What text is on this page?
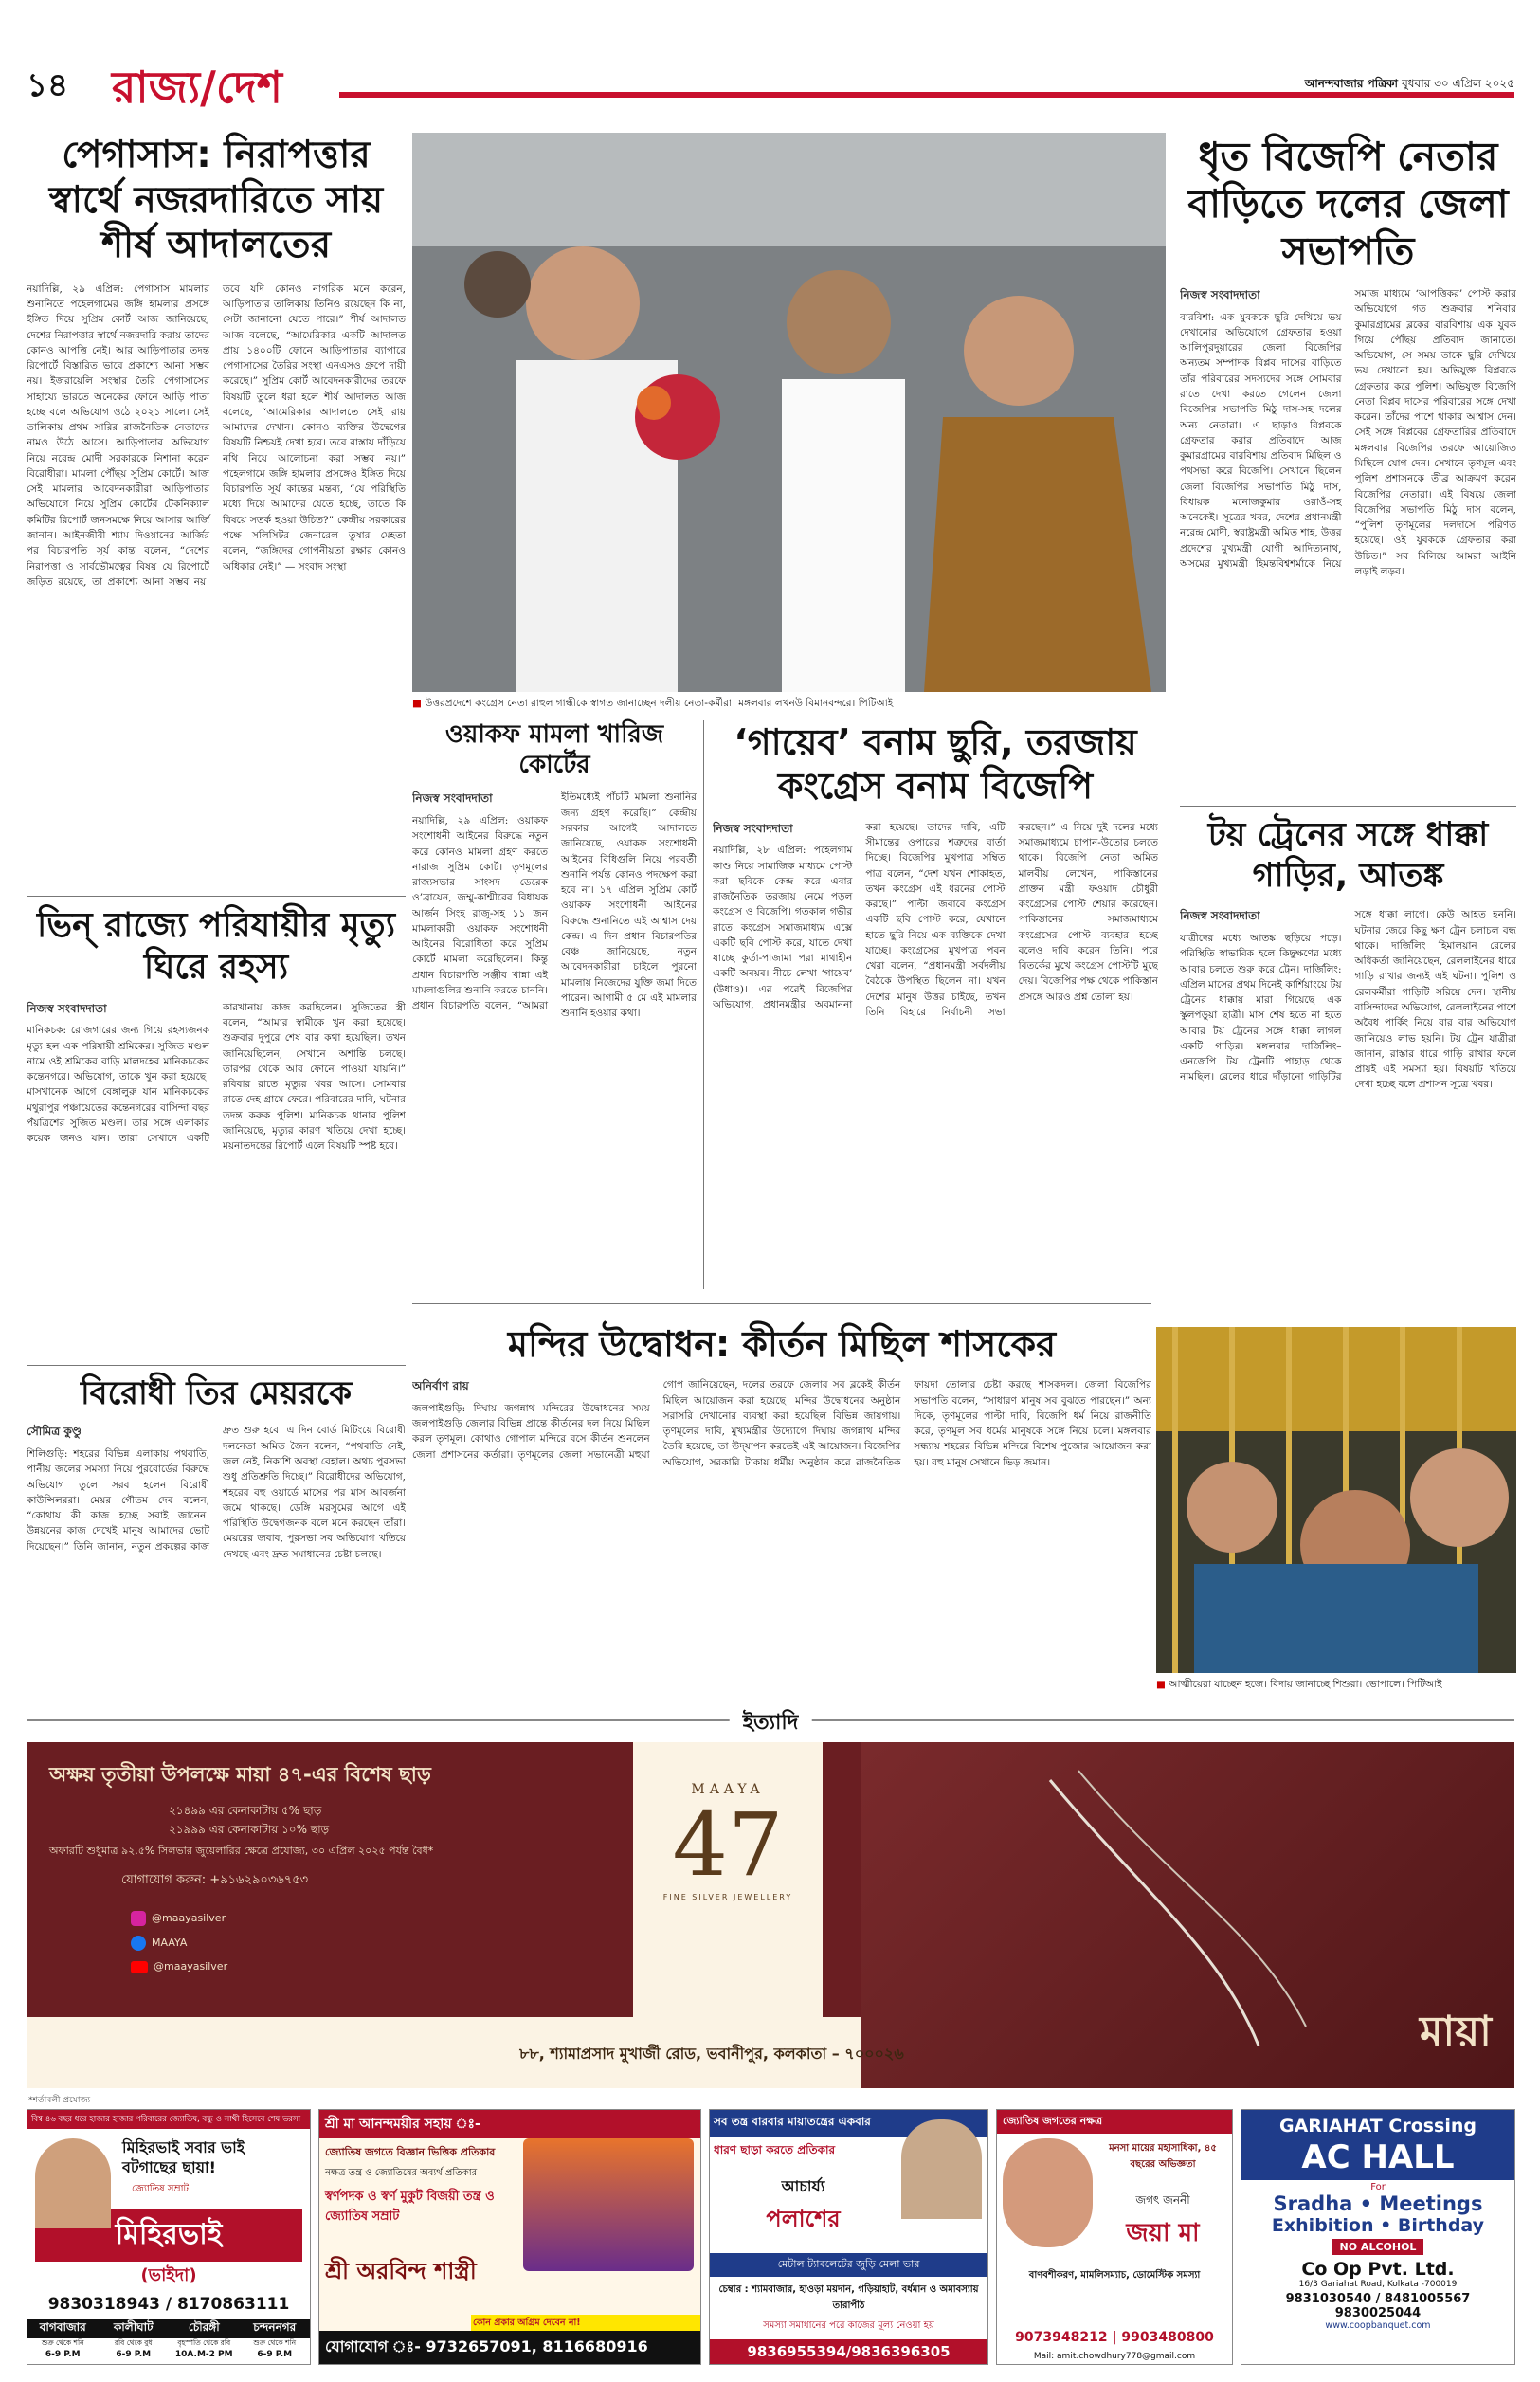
১৪ রাজ্য/দেশ	আনন্দবাজার পত্রিকা বুধবার ৩০ এপ্রিল ২০২৫
পেগাসাস: নিরাপত্তার স্বার্থে নজরদারিতে সায় শীর্ষ আদালতের
নয়াদিল্লি, ২৯ এপ্রিল: পেগাসাস মামলার শুনানিতে পহেলগামের জঙ্গি হামলার প্রসঙ্গে ইঙ্গিত দিয়ে সুপ্রিম কোর্ট আজ জানিয়েছে, দেশের নিরাপত্তার স্বার্থে নজরদারি করায় তাদের কোনও আপত্তি নেই। আর আড়িপাতার তদন্ত রিপোর্টে বিস্তারিত ভাবে প্রকাশ্যে আনা সম্ভব নয়। ইজরায়েলি সংস্থার তৈরি পেগাসাসের সাহায্যে ভারতে অনেকের ফোনে আড়ি পাতা হচ্ছে বলে অভিযোগ ওঠে ২০২১ সালে। সেই তালিকায় প্রথম সারির রাজনৈতিক নেতাদের নামও উঠে আসে। আড়িপাতার অভিযোগ নিয়ে নরেন্দ্র মোদী সরকারকে নিশানা করেন বিরোধীরা। মামলা পৌঁছয় সুপ্রিম কোর্টে। আজ সেই মামলার আবেদনকারীরা আড়িপাতার অভিযোগে নিয়ে সুপ্রিম কোর্টের টেকনিক্যাল কমিটির রিপোর্ট জনসমক্ষে নিয়ে আসার আর্জি জানান। আইনজীবী শ্যাম দিওয়ানের আর্জির পর বিচারপতি সূর্য কান্ত বলেন, “দেশের নিরাপত্তা ও সার্বভৌমত্বের বিষয় যে রিপোর্টে জড়িত রয়েছে, তা প্রকাশ্যে আনা সম্ভব নয়। তবে যদি কোনও নাগরিক মনে করেন, আড়িপাতার তালিকায় তিনিও রয়েছেন কি না, সেটা জানানো যেতে পারে।” শীর্ষ আদালত আজ বলেছে, “আমেরিকার একটি আদালত প্রায় ১৪০০টি ফোনে আড়িপাতার ব্যাপারে পেগাসাসের তৈরির সংস্থা এনএসও গ্রুপে দায়ী করেছে।” সুপ্রিম কোর্ট আবেদনকারীদের তরফে বিষয়টি তুলে ধরা হলে শীর্ষ আদালত আজ বলেছে, “আমেরিকার আদালতে সেই রায় আমাদের দেখান। কোনও ব্যক্তির উদ্বেগের বিষয়টি নিশ্চয়ই দেখা হবে। তবে রাস্তায় দাঁড়িয়ে নথি নিয়ে আলোচনা করা সম্ভব নয়।” পহেলগামে জঙ্গি হামলার প্রসঙ্গেও ইঙ্গিত দিয়ে বিচারপতি সূর্য কান্তের মন্তব্য, “যে পরিস্থিতি মধ্যে দিয়ে আমাদের যেতে হচ্ছে, তাতে কি বিষয়ে সতর্ক হওয়া উচিত?” কেন্দ্রীয় সরকারের পক্ষে সলিসিটর জেনারেল তুষার মেহতা বলেন, “জঙ্গিদের গোপনীয়তা রক্ষার কোনও অধিকার নেই।” — সংবাদ সংস্থা
■ উত্তরপ্রদেশে কংগ্রেস নেতা রাহুল গান্ধীকে স্বাগত জানাচ্ছেন দলীয় নেতা-কর্মীরা। মঙ্গলবার লখনউ বিমানবন্দরে। পিটিআই
ধৃত বিজেপি নেতার বাড়িতে দলের জেলা সভাপতি
নিজস্ব সংবাদদাতা
বারবিশা: এক যুবককে ছুরি দেখিয়ে ভয় দেখানোর অভিযোগে গ্রেফতার হওয়া আলিপুরদুয়ারের জেলা বিজেপির অন্যতম সম্পাদক বিপ্লব দাসের বাড়িতে তাঁর পরিবারের সদস্যদের সঙ্গে সোমবার রাতে দেখা করতে গেলেন জেলা বিজেপির সভাপতি মিঠু দাস-সহ দলের অন্য নেতারা। এ ছাড়াও বিপ্লবকে গ্রেফতার করার প্রতিবাদে আজ কুমারগ্রামের বারবিশায় প্রতিবাদ মিছিল ও পথসভা করে বিজেপি। সেখানে ছিলেন জেলা বিজেপির সভাপতি মিঠু দাস, বিধায়ক মনোজকুমার ওরাওঁ-সহ অনেকেই। সূত্রের খবর, দেশের প্রধানমন্ত্রী নরেন্দ্র মোদী, স্বরাষ্ট্রমন্ত্রী অমিত শাহ, উত্তর প্রদেশের মুখ্যমন্ত্রী যোগী আদিত্যনাথ, অসমের মুখ্যমন্ত্রী হিমন্তবিশ্বশর্মাকে নিয়ে সমাজ মাধ্যমে ‘আপত্তিকর’ পোস্ট করার অভিযোগে গত শুক্রবার শনিবার কুমারগ্রামের ব্লকের বারবিশায় এক যুবক গিয়ে পৌঁছয় প্রতিবাদ জানাতে। অভিযোগ, সে সময় তাকে ছুরি দেখিয়ে ভয় দেখানো হয়। অভিযুক্ত বিপ্লবকে গ্রেফতার করে পুলিশ। অভিযুক্ত বিজেপি নেতা বিপ্লব দাসের পরিবারের সঙ্গে দেখা করেন। তাঁদের পাশে থাকার আশ্বাস দেন। সেই সঙ্গে বিপ্লবের গ্রেফতারির প্রতিবাদে মঙ্গলবার বিজেপির তরফে আয়োজিত মিছিলে যোগ দেন। সেখানে তৃণমূল এবং পুলিশ প্রশাসনকে তীব্র আক্রমণ করেন বিজেপির নেতারা। এই বিষয়ে জেলা বিজেপির সভাপতি মিঠু দাস বলেন, “পুলিশ তৃণমূলের দলদাসে পরিণত হয়েছে। ওই যুবককে গ্রেফতার করা উচিত।” সব মিলিয়ে আমরা আইনি লড়াই লড়ব।
টয় ট্রেনের সঙ্গে ধাক্কা গাড়ির, আতঙ্ক
নিজস্ব সংবাদদাতা
যাত্রীদের মধ্যে আতঙ্ক ছড়িয়ে পড়ে। পরিস্থিতি স্বাভাবিক হলে কিছুক্ষণের মধ্যে আবার চলতে শুরু করে ট্রেন। দার্জিলিং: এপ্রিল মাসের প্রথম দিনেই কার্শিয়াংয়ে টয় ট্রেনের ধাক্কায় মারা গিয়েছে এক স্কুলপড়ুয়া ছাত্রী। মাস শেষ হতে না হতে আবার টয় ট্রেনের সঙ্গে ধাক্কা লাগল একটি গাড়ির। মঙ্গলবার দার্জিলিং–এনজেপি টয় ট্রেনটি পাহাড় থেকে নামছিল। রেলের ধারে দাঁড়ানো গাড়িটির সঙ্গে ধাক্কা লাগে। কেউ আহত হননি। ঘটনার জেরে কিছু ক্ষণ ট্রেন চলাচল বন্ধ থাকে। দার্জিলিং হিমালয়ান রেলের অধিকর্তা জানিয়েছেন, রেললাইনের ধারে গাড়ি রাখার জন্যই এই ঘটনা। পুলিশ ও রেলকর্মীরা গাড়িটি সরিয়ে দেন। স্থানীয় বাসিন্দাদের অভিযোগ, রেললাইনের পাশে অবৈধ পার্কিং নিয়ে বার বার অভিযোগ জানিয়েও লাভ হয়নি। টয় ট্রেন যাত্রীরা জানান, রাস্তার ধারে গাড়ি রাখার ফলে প্রায়ই এই সমস্যা হয়। বিষয়টি খতিয়ে দেখা হচ্ছে বলে প্রশাসন সূত্রে খবর।
■ আত্মীয়েরা যাচ্ছেন হজে। বিদায় জানাচ্ছে শিশুরা। ভোপালে। পিটিআই
ওয়াকফ মামলা খারিজ কোর্টের
নিজস্ব সংবাদদাতা
নয়াদিল্লি, ২৯ এপ্রিল: ওয়াকফ সংশোধনী আইনের বিরুদ্ধে নতুন করে কোনও মামলা গ্রহণ করতে নারাজ সুপ্রিম কোর্ট। তৃণমূলের রাজ্যসভার সাংসদ ডেরেক ও’ব্রায়েন, জম্মু-কাশ্মীরের বিধায়ক আর্জন সিংহ রাজু-সহ ১১ জন মামলাকারী ওয়াকফ সংশোধনী আইনের বিরোধিতা করে সুপ্রিম কোর্টে মামলা করেছিলেন। কিন্তু প্রধান বিচারপতি সঞ্জীব খান্না এই মামলাগুলির শুনানি করতে চাননি। প্রধান বিচারপতি বলেন, “আমরা ইতিমধ্যেই পাঁচটি মামলা শুনানির জন্য গ্রহণ করেছি।” কেন্দ্রীয় সরকার আগেই আদালতে জানিয়েছে, ওয়াকফ সংশোধনী আইনের বিধিগুলি নিয়ে পরবর্তী শুনানি পর্যন্ত কোনও পদক্ষেপ করা হবে না। ১৭ এপ্রিল সুপ্রিম কোর্ট ওয়াকফ সংশোধনী আইনের বিরুদ্ধে শুনানিতে এই আশ্বাস দেয় কেন্দ্র। এ দিন প্রধান বিচারপতির বেঞ্চ জানিয়েছে, নতুন আবেদনকারীরা চাইলে পুরনো মামলায় নিজেদের যুক্তি জমা দিতে পারেন। আগামী ৫ মে এই মামলার শুনানি হওয়ার কথা।
‘গায়েব’ বনাম ছুরি, তরজায় কংগ্রেস বনাম বিজেপি
নিজস্ব সংবাদদাতা
নয়াদিল্লি, ২৮ এপ্রিল: পহেলগাম কাণ্ড নিয়ে সামাজিক মাধ্যমে পোস্ট করা ছবিকে কেন্দ্র করে এবার রাজনৈতিক তরজায় নেমে পড়ল কংগ্রেস ও বিজেপি। গতকাল গভীর রাতে কংগ্রেস সমাজমাধ্যম এক্সে একটি ছবি পোস্ট করে, যাতে দেখা যাচ্ছে কুর্তা-পাজামা পরা মাথাহীন একটি অবয়ব। নীচে লেখা ‘গায়েব’ (উধাও)। এর পরেই বিজেপির অভিযোগ, প্রধানমন্ত্রীর অবমাননা করা হয়েছে। তাদের দাবি, এটি সীমান্তের ওপারের শত্রুদের বার্তা দিচ্ছে। বিজেপির মুখপাত্র সম্বিত পাত্র বলেন, “দেশ যখন শোকাহত, তখন কংগ্রেস এই ধরনের পোস্ট করছে।” পাল্টা জবাবে কংগ্রেস একটি ছবি পোস্ট করে, যেখানে হাতে ছুরি নিয়ে এক ব্যক্তিকে দেখা যাচ্ছে। কংগ্রেসের মুখপাত্র পবন খেরা বলেন, “প্রধানমন্ত্রী সর্বদলীয় বৈঠকে উপস্থিত ছিলেন না। যখন দেশের মানুষ উত্তর চাইছে, তখন তিনি বিহারে নির্বাচনী সভা করছেন।” এ নিয়ে দুই দলের মধ্যে সমাজমাধ্যমে চাপান-উতোর চলতে থাকে। বিজেপি নেতা অমিত মালবীয় লেখেন, পাকিস্তানের প্রাক্তন মন্ত্রী ফওয়াদ চৌধুরী কংগ্রেসের পোস্ট শেয়ার করেছেন। পাকিস্তানের সমাজমাধ্যমে কংগ্রেসের পোস্ট ব্যবহার হচ্ছে বলেও দাবি করেন তিনি। পরে বিতর্কের মুখে কংগ্রেস পোস্টটি মুছে দেয়। বিজেপির পক্ষ থেকে পাকিস্তান প্রসঙ্গে আরও প্রশ্ন তোলা হয়।
ভিন্ রাজ্যে পরিযায়ীর মৃত্যু ঘিরে রহস্য
নিজস্ব সংবাদদাতা
মানিকচক: রোজগারের জন্য গিয়ে রহস্যজনক মৃত্যু হল এক পরিযায়ী শ্রমিকের। সুজিত মণ্ডল নামে ওই শ্রমিকের বাড়ি মালদহের মানিকচকের কন্তেনগরে। অভিযোগ, তাকে খুন করা হয়েছে। মাসখানেক আগে বেঙ্গালুরু যান মানিকচকের মথুরাপুর পঞ্চায়েতের কন্তেনগরের বাসিন্দা বছর পঁয়ত্রিশের সুজিত মণ্ডল। তার সঙ্গে এলাকার কয়েক জনও যান। তারা সেখানে একটি কারখানায় কাজ করছিলেন। সুজিতের স্ত্রী বলেন, “আমার স্বামীকে খুন করা হয়েছে। শুক্রবার দুপুরে শেষ বার কথা হয়েছিল। তখন জানিয়েছিলেন, সেখানে অশান্তি চলছে। তারপর থেকে আর ফোনে পাওয়া যায়নি।” রবিবার রাতে মৃত্যুর খবর আসে। সোমবার রাতে দেহ গ্রামে ফেরে। পরিবারের দাবি, ঘটনার তদন্ত করুক পুলিশ। মানিকচক থানার পুলিশ জানিয়েছে, মৃত্যুর কারণ খতিয়ে দেখা হচ্ছে। ময়নাতদন্তের রিপোর্ট এলে বিষয়টি স্পষ্ট হবে।
বিরোধী তির মেয়রকে
সৌমিত্র কুণ্ডু
শিলিগুড়ি: শহরের বিভিন্ন এলাকায় পথবাতি, পানীয় জলের সমস্যা নিয়ে পুরবোর্ডের বিরুদ্ধে অভিযোগ তুলে সরব হলেন বিরোধী কাউন্সিলররা। মেয়র গৌতম দেব বলেন, “কোথায় কী কাজ হচ্ছে সবাই জানেন। উন্নয়নের কাজ দেখেই মানুষ আমাদের ভোট দিয়েছেন।” তিনি জানান, নতুন প্রকল্পের কাজ দ্রুত শুরু হবে। এ দিন বোর্ড মিটিংয়ে বিরোধী দলনেতা অমিত জৈন বলেন, “পথবাতি নেই, জল নেই, নিকাশি অবস্থা বেহাল। অথচ পুরসভা শুধু প্রতিশ্রুতি দিচ্ছে।” বিরোধীদের অভিযোগ, শহরের বহু ওয়ার্ডে মাসের পর মাস আবর্জনা জমে থাকছে। ডেঙ্গি মরসুমের আগে এই পরিস্থিতি উদ্বেগজনক বলে মনে করছেন তাঁরা। মেয়রের জবাব, পুরসভা সব অভিযোগ খতিয়ে দেখছে এবং দ্রুত সমাধানের চেষ্টা চলছে।
মন্দির উদ্বোধন: কীর্তন মিছিল শাসকের
অনির্বাণ রায়
জলপাইগুড়ি: দিঘায় জগন্নাথ মন্দিরের উদ্বোধনের সময় জলপাইগুড়ি জেলার বিভিন্ন প্রান্তে কীর্তনের দল নিয়ে মিছিল করল তৃণমূল। কোথাও গোপাল মন্দিরে বসে কীর্তন শুনলেন জেলা প্রশাসনের কর্তারা। তৃণমূলের জেলা সভানেত্রী মহুয়া গোপ জানিয়েছেন, দলের তরফে জেলার সব ব্লকেই কীর্তন মিছিল আয়োজন করা হয়েছে। মন্দির উদ্বোধনের অনুষ্ঠান সরাসরি দেখানোর ব্যবস্থা করা হয়েছিল বিভিন্ন জায়গায়। তৃণমূলের দাবি, মুখ্যমন্ত্রীর উদ্যোগে দিঘায় জগন্নাথ মন্দির তৈরি হয়েছে, তা উদ্‌যাপন করতেই এই আয়োজন। বিজেপির অভিযোগ, সরকারি টাকায় ধর্মীয় অনুষ্ঠান করে রাজনৈতিক ফায়দা তোলার চেষ্টা করছে শাসকদল। জেলা বিজেপির সভাপতি বলেন, “সাধারণ মানুষ সব বুঝতে পারছেন।” অন্য দিকে, তৃণমূলের পাল্টা দাবি, বিজেপি ধর্ম নিয়ে রাজনীতি করে, তৃণমূল সব ধর্মের মানুষকে সঙ্গে নিয়ে চলে। মঙ্গলবার সন্ধ্যায় শহরের বিভিন্ন মন্দিরে বিশেষ পুজোর আয়োজন করা হয়। বহু মানুষ সেখানে ভিড় জমান।
ইত্যাদি
অক্ষয় তৃতীয়া উপলক্ষে মায়া ৪৭-এর বিশেষ ছাড়
২১৪৯৯ এর কেনাকাটায় ৫% ছাড়
২১৯৯৯ এর কেনাকাটায় ১০% ছাড়
অফারটি শুধুমাত্র ৯২.৫% সিলভার জুয়েলারির ক্ষেত্রে প্রযোজ্য, ৩০ এপ্রিল ২০২৫ পর্যন্ত বৈধ*
যোগাযোগ করুন: +৯১৬২৯০৩৬৭৫৩
@maayasilver
MAAYA
@maayasilver
MAAYA
47
FINE SILVER JEWELLERY
মায়া
৮৮, শ্যামাপ্রসাদ মুখার্জী রোড, ভবানীপুর, কলকাতা – ৭০০০২৬
*শর্তাবলী প্রযোজ্য
বিশ্ব ৪৬ বছর ধরে হাজার হাজার পরিবারের জ্যোতিষ, বন্ধু ও সাথী হিসেবে শেষ ভরসা
মিহিরভাই সবার ভাই বটগাছের ছায়া!
জ্যোতিষ সম্রাট
মিহিরভাই
(ভাইদা)
9830318943 / 8170863111
বাগবাজার	কালীঘাট	চৌরঙ্গী	চন্দননগর
শুক্র থেকে শনি	রবি থেকে বুধ	বৃহস্পতি থেকে রবি	শুক্র থেকে শনি
6-9 P.M	6-9 P.M	10A.M-2 PM	6-9 P.M
শ্রী মা আনন্দময়ীর সহায় ঃ-
জ্যোতিষ জগতে বিজ্ঞান ভিত্তিক প্রতিকার
নক্ষত্র তন্ত্র ও জ্যোতিষের অব্যর্থ প্রতিকার
স্বর্ণপদক ও স্বর্ণ মুকুট বিজয়ী তন্ত্র ও জ্যোতিষ সম্রাট
শ্রী অরবিন্দ শাস্ত্রী
কোন প্রকার অগ্রিম দেবেন না!
যোগাযোগ ঃ- 9732657091, 8116680916
সব তন্ত্র বারবার মায়াতন্ত্রের একবার
ধারণ ছাড়া করতে প্রতিকার
আচার্য্য
পলাশের
মেটাল ট্যাবলেটের জুড়ি মেলা ভার
চেম্বার : শ্যামবাজার, হাওড়া ময়দান, গড়িয়াহাট, বর্ধমান ও অমাবস্যায় তারাপীঠ
সমস্যা সমাধানের পরে কাজের মূল্য নেওয়া হয়
9836955394/9836396305
জ্যোতিষ জগতের নক্ষত্র
মনসা মায়ের মহাসাধিকা, ৪৫ বছরের অভিজ্ঞতা
জগৎ জননী
জয়া মা
বাণবশীকরণ, মামলিসম্যাচ, ডোমেস্টিক সমস্যা
9073948212 | 9903480800
Mail: amit.chowdhury778@gmail.com
GARIAHAT Crossing
AC HALL
For
Sradha • Meetings
Exhibition • Birthday
NO ALCOHOL
Co Op Pvt. Ltd.
16/3 Gariahat Road, Kolkata -700019
9831030540 / 8481005567
9830025044
www.coopbanquet.com
